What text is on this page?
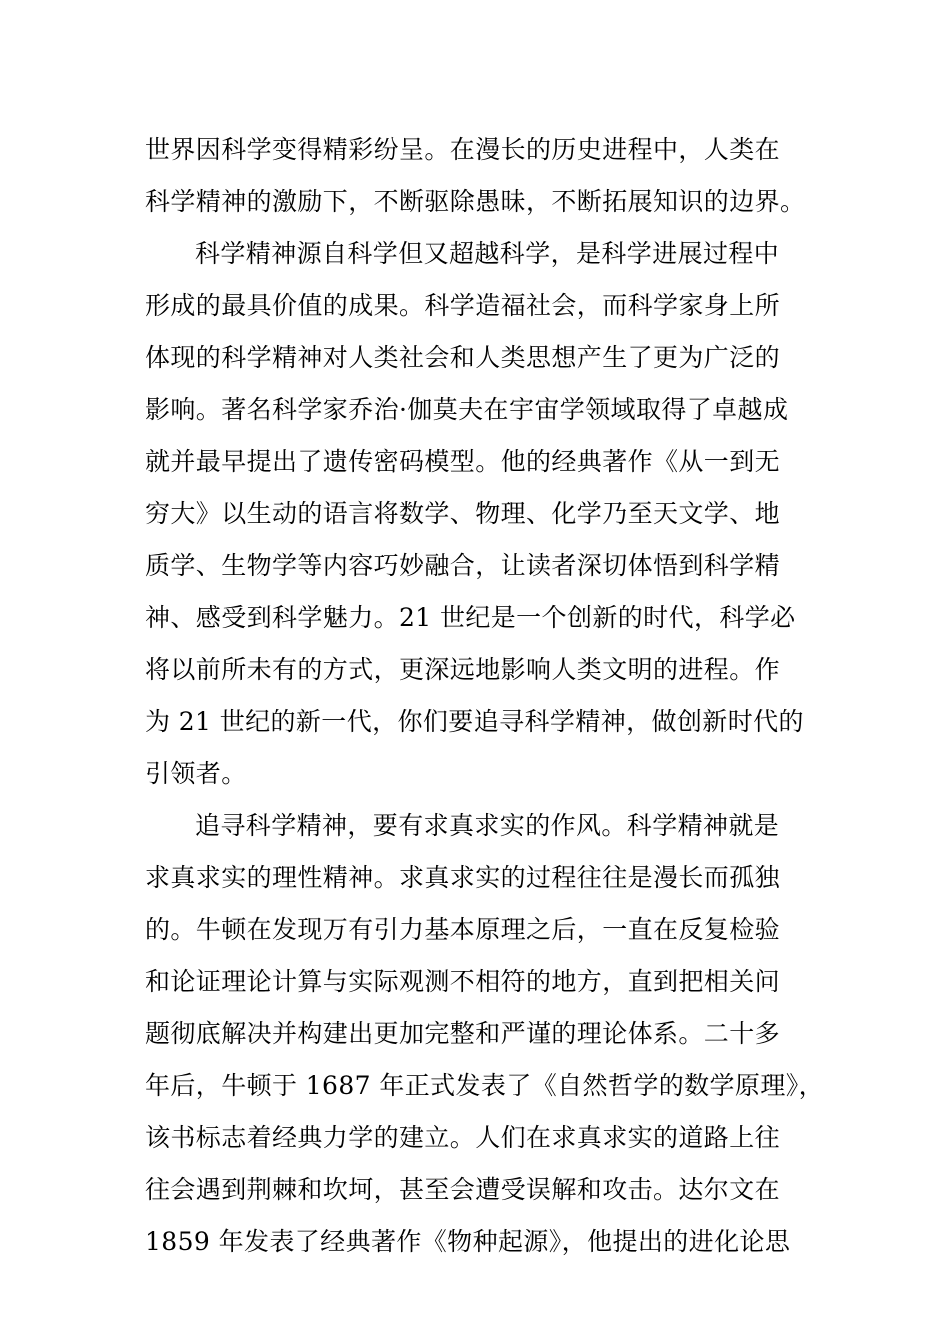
世界因科学变得精彩纷呈。在漫长的历史进程中，人类在
科学精神的激励下，不断驱除愚昧，不断拓展知识的边界。
科学精神源自科学但又超越科学，是科学进展过程中
形成的最具价值的成果。科学造福社会，而科学家身上所
体现的科学精神对人类社会和人类思想产生了更为广泛的
影响。著名科学家乔治·伽莫夫在宇宙学领域取得了卓越成
就并最早提出了遗传密码模型。他的经典著作《从一到无
穷大》以生动的语言将数学、物理、化学乃至天文学、地
质学、生物学等内容巧妙融合，让读者深切体悟到科学精
神、感受到科学魅力。21 世纪是一个创新的时代，科学必
将以前所未有的方式，更深远地影响人类文明的进程。作
为 21 世纪的新一代，你们要追寻科学精神，做创新时代的
引领者。
追寻科学精神，要有求真求实的作风。科学精神就是
求真求实的理性精神。求真求实的过程往往是漫长而孤独
的。牛顿在发现万有引力基本原理之后，一直在反复检验
和论证理论计算与实际观测不相符的地方，直到把相关问
题彻底解决并构建出更加完整和严谨的理论体系。二十多
年后，牛顿于 1687 年正式发表了《自然哲学的数学原理》，
该书标志着经典力学的建立。人们在求真求实的道路上往
往会遇到荆棘和坎坷，甚至会遭受误解和攻击。达尔文在
1859 年发表了经典著作《物种起源》，他提出的进化论思
